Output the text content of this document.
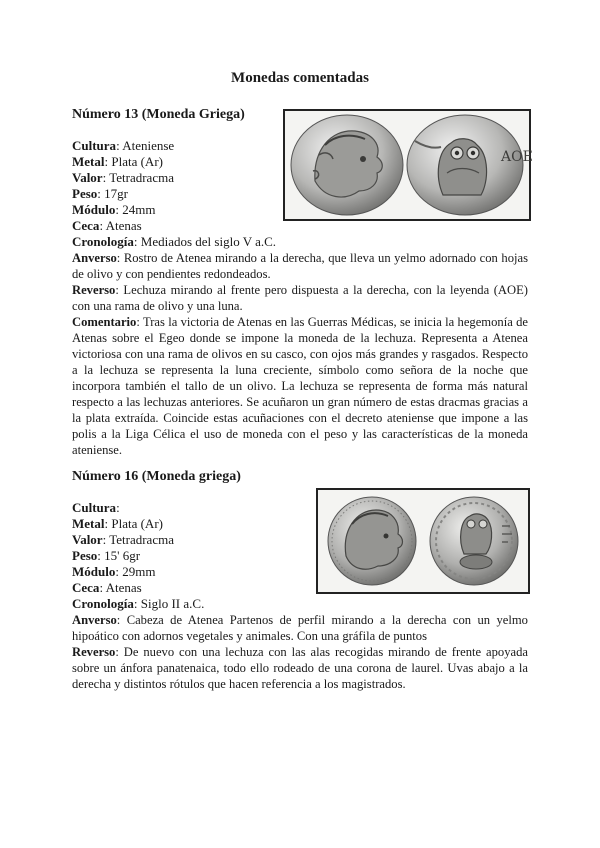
Monedas comentadas
Número 13 (Moneda Griega)
Cultura: Ateniense
Metal: Plata (Ar)
Valor: Tetradracma
Peso: 17gr
Módulo: 24mm
Ceca: Atenas
Cronología: Mediados del siglo V a.C.
Anverso: Rostro de Atenea mirando a la derecha, que lleva un yelmo adornado con hojas de olivo y con pendientes redondeados.
Reverso: Lechuza mirando al frente pero dispuesta a la derecha, con la leyenda (AOE) con una rama de olivo y una luna.
Comentario: Tras la victoria de Atenas en las Guerras Médicas, se inicia la hegemonía de Atenas sobre el Egeo donde se impone la moneda de la lechuza. Representa a Atenea victoriosa con una rama de olivos en su casco, con ojos más grandes y rasgados. Respecto a la lechuza se representa la luna creciente, símbolo como señora de la noche que incorpora también el tallo de un olivo. La lechuza se representa de forma más natural respecto a las lechuzas anteriores. Se acuñaron un gran número de estas dracmas gracias a la plata extraída. Coincide estas acuñaciones con el decreto ateniense que impone a las polis a la Liga Célica el uso de moneda con el peso y las características de la moneda ateniense.
AOE
Número 16 (Moneda griega)
Cultura:
Metal: Plata (Ar)
Valor: Tetradracma
Peso: 15' 6gr
Módulo: 29mm
Ceca: Atenas
Cronología: Siglo II a.C.
Anverso: Cabeza de Atenea Partenos de perfil mirando a la derecha con un yelmo hipoático con adornos vegetales y animales. Con una gráfila de puntos
Reverso: De nuevo con una lechuza con las alas recogidas mirando de frente apoyada sobre un ánfora panatenaica, todo ello rodeado de una corona de laurel. Uvas abajo a la derecha y distintos rótulos que hacen referencia a los magistrados.
